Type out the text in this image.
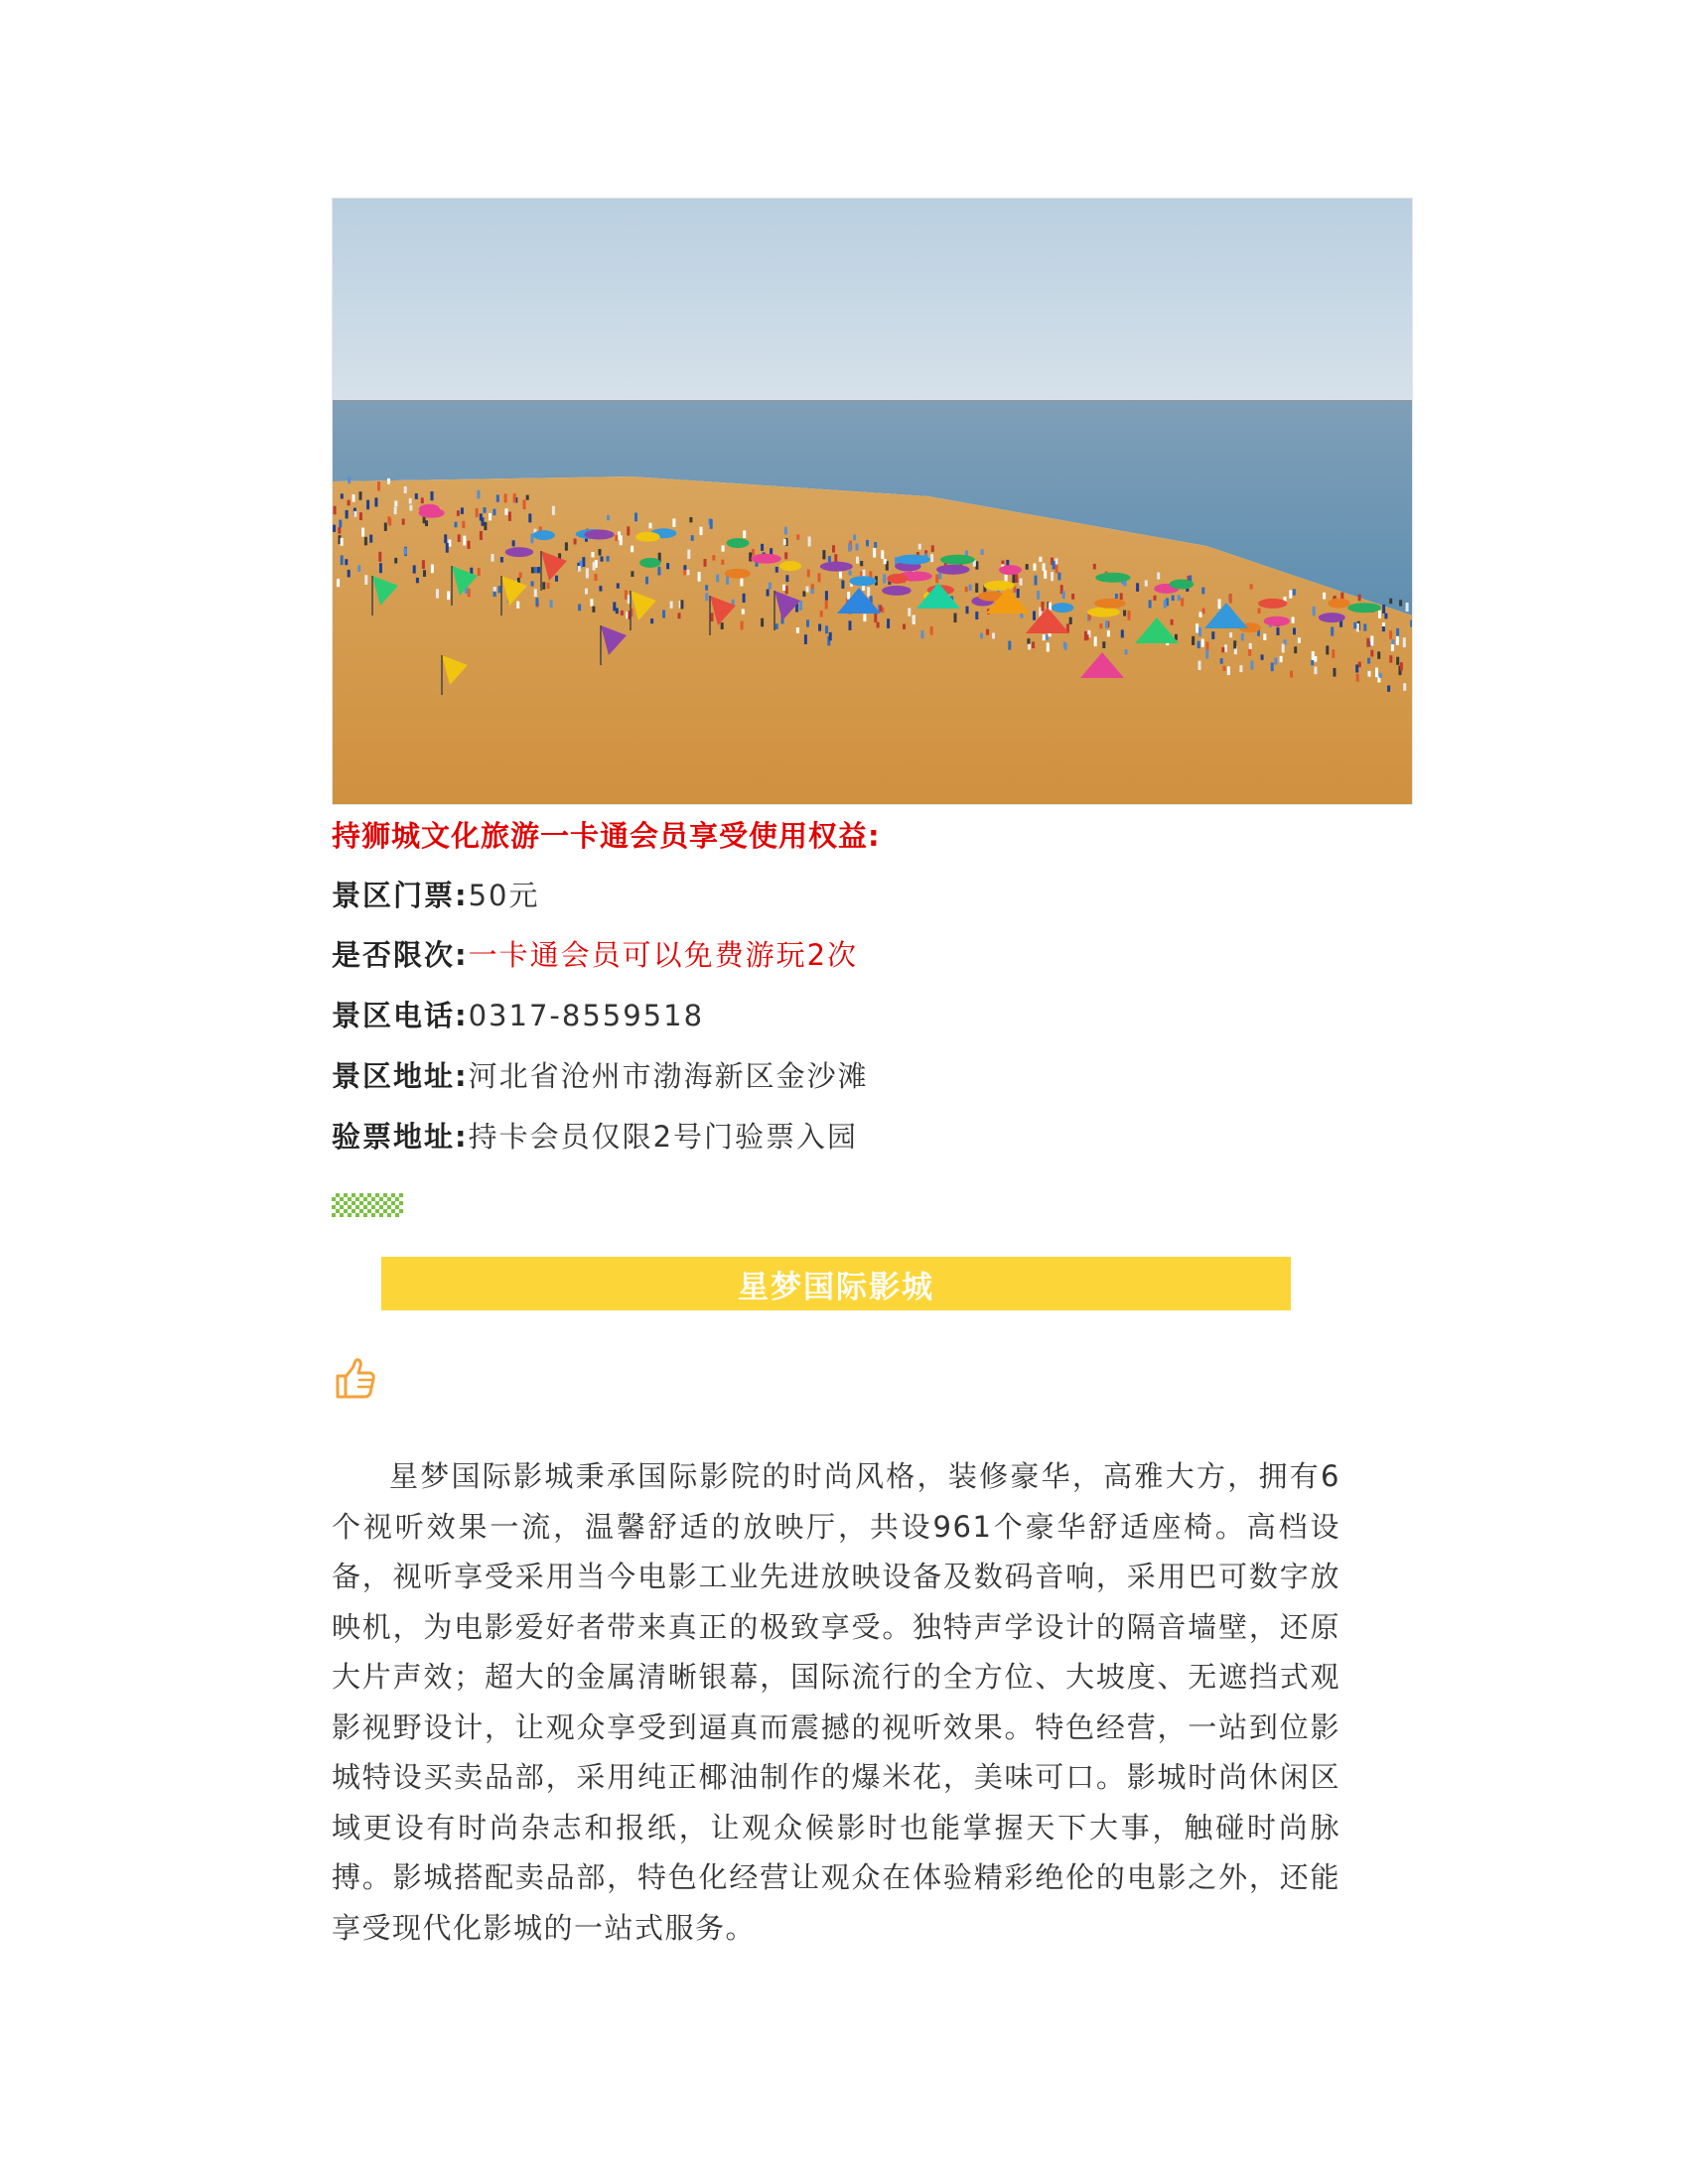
持狮城文化旅游一卡通会员享受使用权益:
景区门票:50元
是否限次:一卡通会员可以免费游玩2次
景区电话:0317-8559518
景区地址:河北省沧州市渤海新区金沙滩
验票地址:持卡会员仅限2号门验票入园
星梦国际影城
星梦国际影城秉承国际影院的时尚风格，装修豪华，高雅大方，拥有6个视听效果一流，温馨舒适的放映厅，共设961个豪华舒适座椅。高档设备，视听享受采用当今电影工业先进放映设备及数码音响，采用巴可数字放映机，为电影爱好者带来真正的极致享受。独特声学设计的隔音墙壁，还原大片声效；超大的金属清晰银幕，国际流行的全方位、大坡度、无遮挡式观影视野设计，让观众享受到逼真而震撼的视听效果。特色经营，一站到位影城特设买卖品部，采用纯正椰油制作的爆米花，美味可口。影城时尚休闲区域更设有时尚杂志和报纸，让观众候影时也能掌握天下大事，触碰时尚脉搏。影城搭配卖品部，特色化经营让观众在体验精彩绝伦的电影之外，还能享受现代化影城的一站式服务。
